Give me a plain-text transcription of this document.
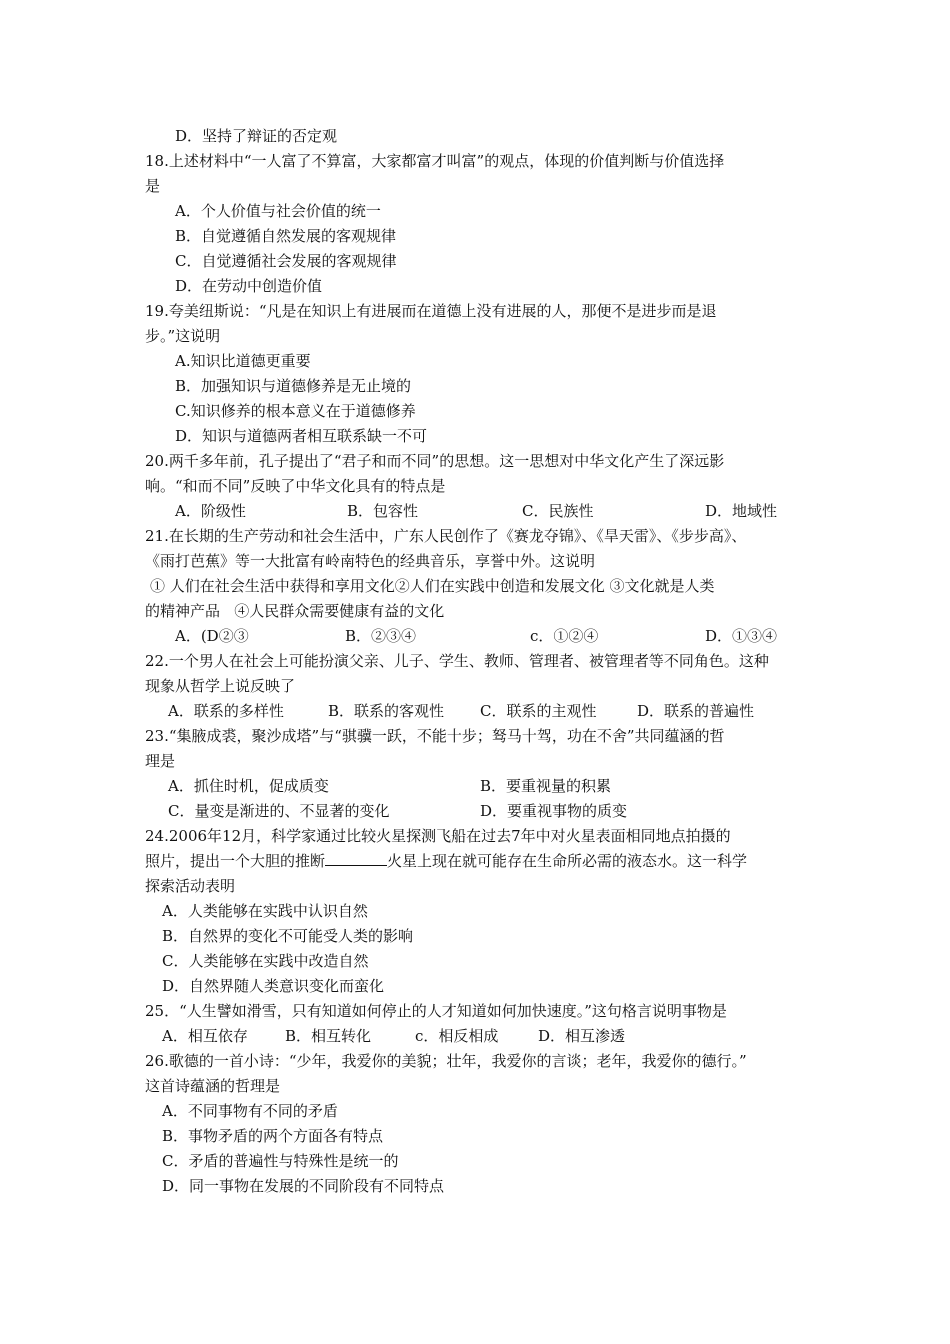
D．坚持了辩证的否定观
18.上述材料中“一人富了不算富，大家都富才叫富”的观点，体现的价值判断与价值选择
是
A．个人价值与社会价值的统一
B．自觉遵循自然发展的客观规律
C．自觉遵循社会发展的客观规律
D．在劳动中创造价值
19.夸美纽斯说：“凡是在知识上有进展而在道德上没有进展的人，那便不是进步而是退
步。”这说明
A.知识比道德更重要
B．加强知识与道德修养是无止境的
C.知识修养的根本意义在于道德修养
D．知识与道德两者相互联系缺一不可
20.两千多年前，孔子提出了“君子和而不同”的思想。这一思想对中华文化产生了深远影
响。“和而不同”反映了中华文化具有的特点是
A．阶级性	B．包容性	C．民族性	D．地域性
21.在长期的生产劳动和社会生活中，广东人民创作了《赛龙夺锦》、《旱天雷》、《步步高》、
《雨打芭蕉》等一大批富有岭南特色的经典音乐，享誉中外。这说明
① 人们在社会生活中获得和享用文化②人们在实践中创造和发展文化 ③文化就是人类
的精神产品   ④人民群众需要健康有益的文化
A．(D②③	B．②③④	c．①②④	D．①③④
22.一个男人在社会上可能扮演父亲、儿子、学生、教师、管理者、被管理者等不同角色。这种
现象从哲学上说反映了
A．联系的多样性	B．联系的客观性 C．联系的主观性	D．联系的普遍性
23.“集腋成裘，聚沙成塔”与“骐骥一跃，不能十步；驽马十驾，功在不舍”共同蕴涵的哲
理是
A．抓住时机，促成质变	B．要重视量的积累
C．量变是渐进的、不显著的变化	D．要重视事物的质变
24.2006年12月，科学家通过比较火星探测飞船在过去7年中对火星表面相同地点拍摄的
照片，提出一个大胆的推断	火星上现在就可能存在生命所必需的液态水。这一科学
探索活动表明
A．人类能够在实践中认识自然
B．自然界的变化不可能受人类的影响
C．人类能够在实践中改造自然
D．自然界随人类意识变化而蛮化
25．“人生譬如滑雪，只有知道如何停止的人才知道如何加快速度。”这句格言说明事物是
A．相互依存 B．相互转化	c．相反相成	D．相互渗透
26.歌德的一首小诗：“少年，我爱你的美貌；壮年，我爱你的言谈；老年，我爱你的德行。”
这首诗蕴涵的哲理是
A．不同事物有不同的矛盾
B．事物矛盾的两个方面各有特点
C．矛盾的普遍性与特殊性是统一的
D．同一事物在发展的不同阶段有不同特点
